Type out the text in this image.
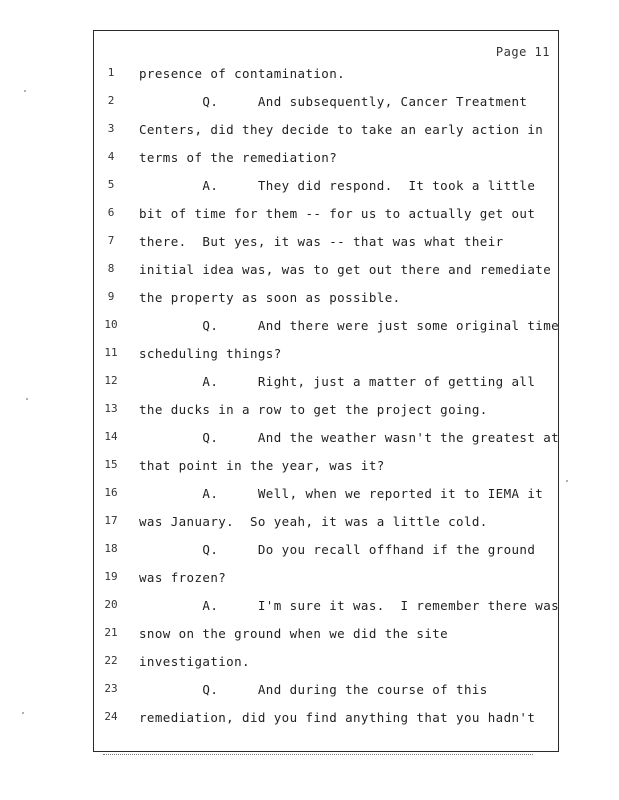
Page 11
1	presence of contamination.
2	Q.     And subsequently, Cancer Treatment
3	Centers, did they decide to take an early action in
4	terms of the remediation?
5	A.     They did respond.  It took a little
6	bit of time for them -- for us to actually get out
7	there.  But yes, it was -- that was what their
8	initial idea was, was to get out there and remediate
9	the property as soon as possible.
10	Q.     And there were just some original time
11	scheduling things?
12	A.     Right, just a matter of getting all
13	the ducks in a row to get the project going.
14	Q.     And the weather wasn't the greatest at
15	that point in the year, was it?
16	A.     Well, when we reported it to IEMA it
17	was January.  So yeah, it was a little cold.
18	Q.     Do you recall offhand if the ground
19	was frozen?
20	A.     I'm sure it was.  I remember there was
21	snow on the ground when we did the site
22	investigation.
23	Q.     And during the course of this
24	remediation, did you find anything that you hadn't
